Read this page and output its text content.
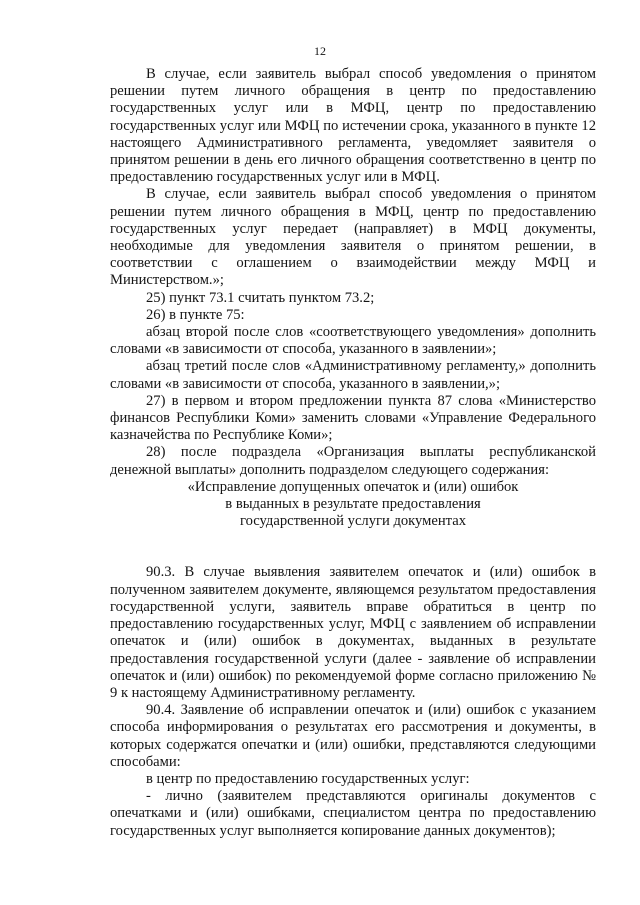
12

В случае, если заявитель выбрал способ уведомления о принятом решении путем личного обращения в центр по предоставлению государственных услуг или в МФЦ, центр по предоставлению государственных услуг или МФЦ по истечении срока, указанного в пункте 12 настоящего Административного регламента, уведомляет заявителя о принятом решении в день его личного обращения соответственно в центр по предоставлению государственных услуг или в МФЦ.

В случае, если заявитель выбрал способ уведомления о принятом решении путем личного обращения в МФЦ, центр по предоставлению государственных услуг передает (направляет) в МФЦ документы, необходимые для уведомления заявителя о принятом решении, в соответствии с оглашением о взаимодействии между МФЦ и Министерством.»;

25) пункт 73.1 считать пунктом 73.2;

26) в пункте 75:

абзац второй после слов «соответствующего уведомления» дополнить словами «в зависимости от способа, указанного в заявлении»;

абзац третий после слов «Административному регламенту,» дополнить словами «в зависимости от способа, указанного в заявлении,»;

27) в первом и втором предложении пункта 87 слова «Министерство финансов Республики Коми» заменить словами «Управление Федерального казначейства по Республике Коми»;

28) после подраздела «Организация выплаты республиканской денежной выплаты» дополнить подразделом следующего содержания:

«Исправление допущенных опечаток и (или) ошибок

в выданных в результате предоставления

государственной услуги документах

90.3. В случае выявления заявителем опечаток и (или) ошибок в полученном заявителем документе, являющемся результатом предоставления государственной услуги, заявитель вправе обратиться в центр по предоставлению государственных услуг, МФЦ с заявлением об исправлении опечаток и (или) ошибок в документах, выданных в результате предоставления государственной услуги (далее - заявление об исправлении опечаток и (или) ошибок) по рекомендуемой форме согласно приложению № 9 к настоящему Административному регламенту.

90.4. Заявление об исправлении опечаток и (или) ошибок с указанием способа информирования о результатах его рассмотрения и документы, в которых содержатся опечатки и (или) ошибки, представляются следующими способами:

в центр по предоставлению государственных услуг:

- лично (заявителем представляются оригиналы документов с опечатками и (или) ошибками, специалистом центра по предоставлению государственных услуг выполняется копирование данных документов);
